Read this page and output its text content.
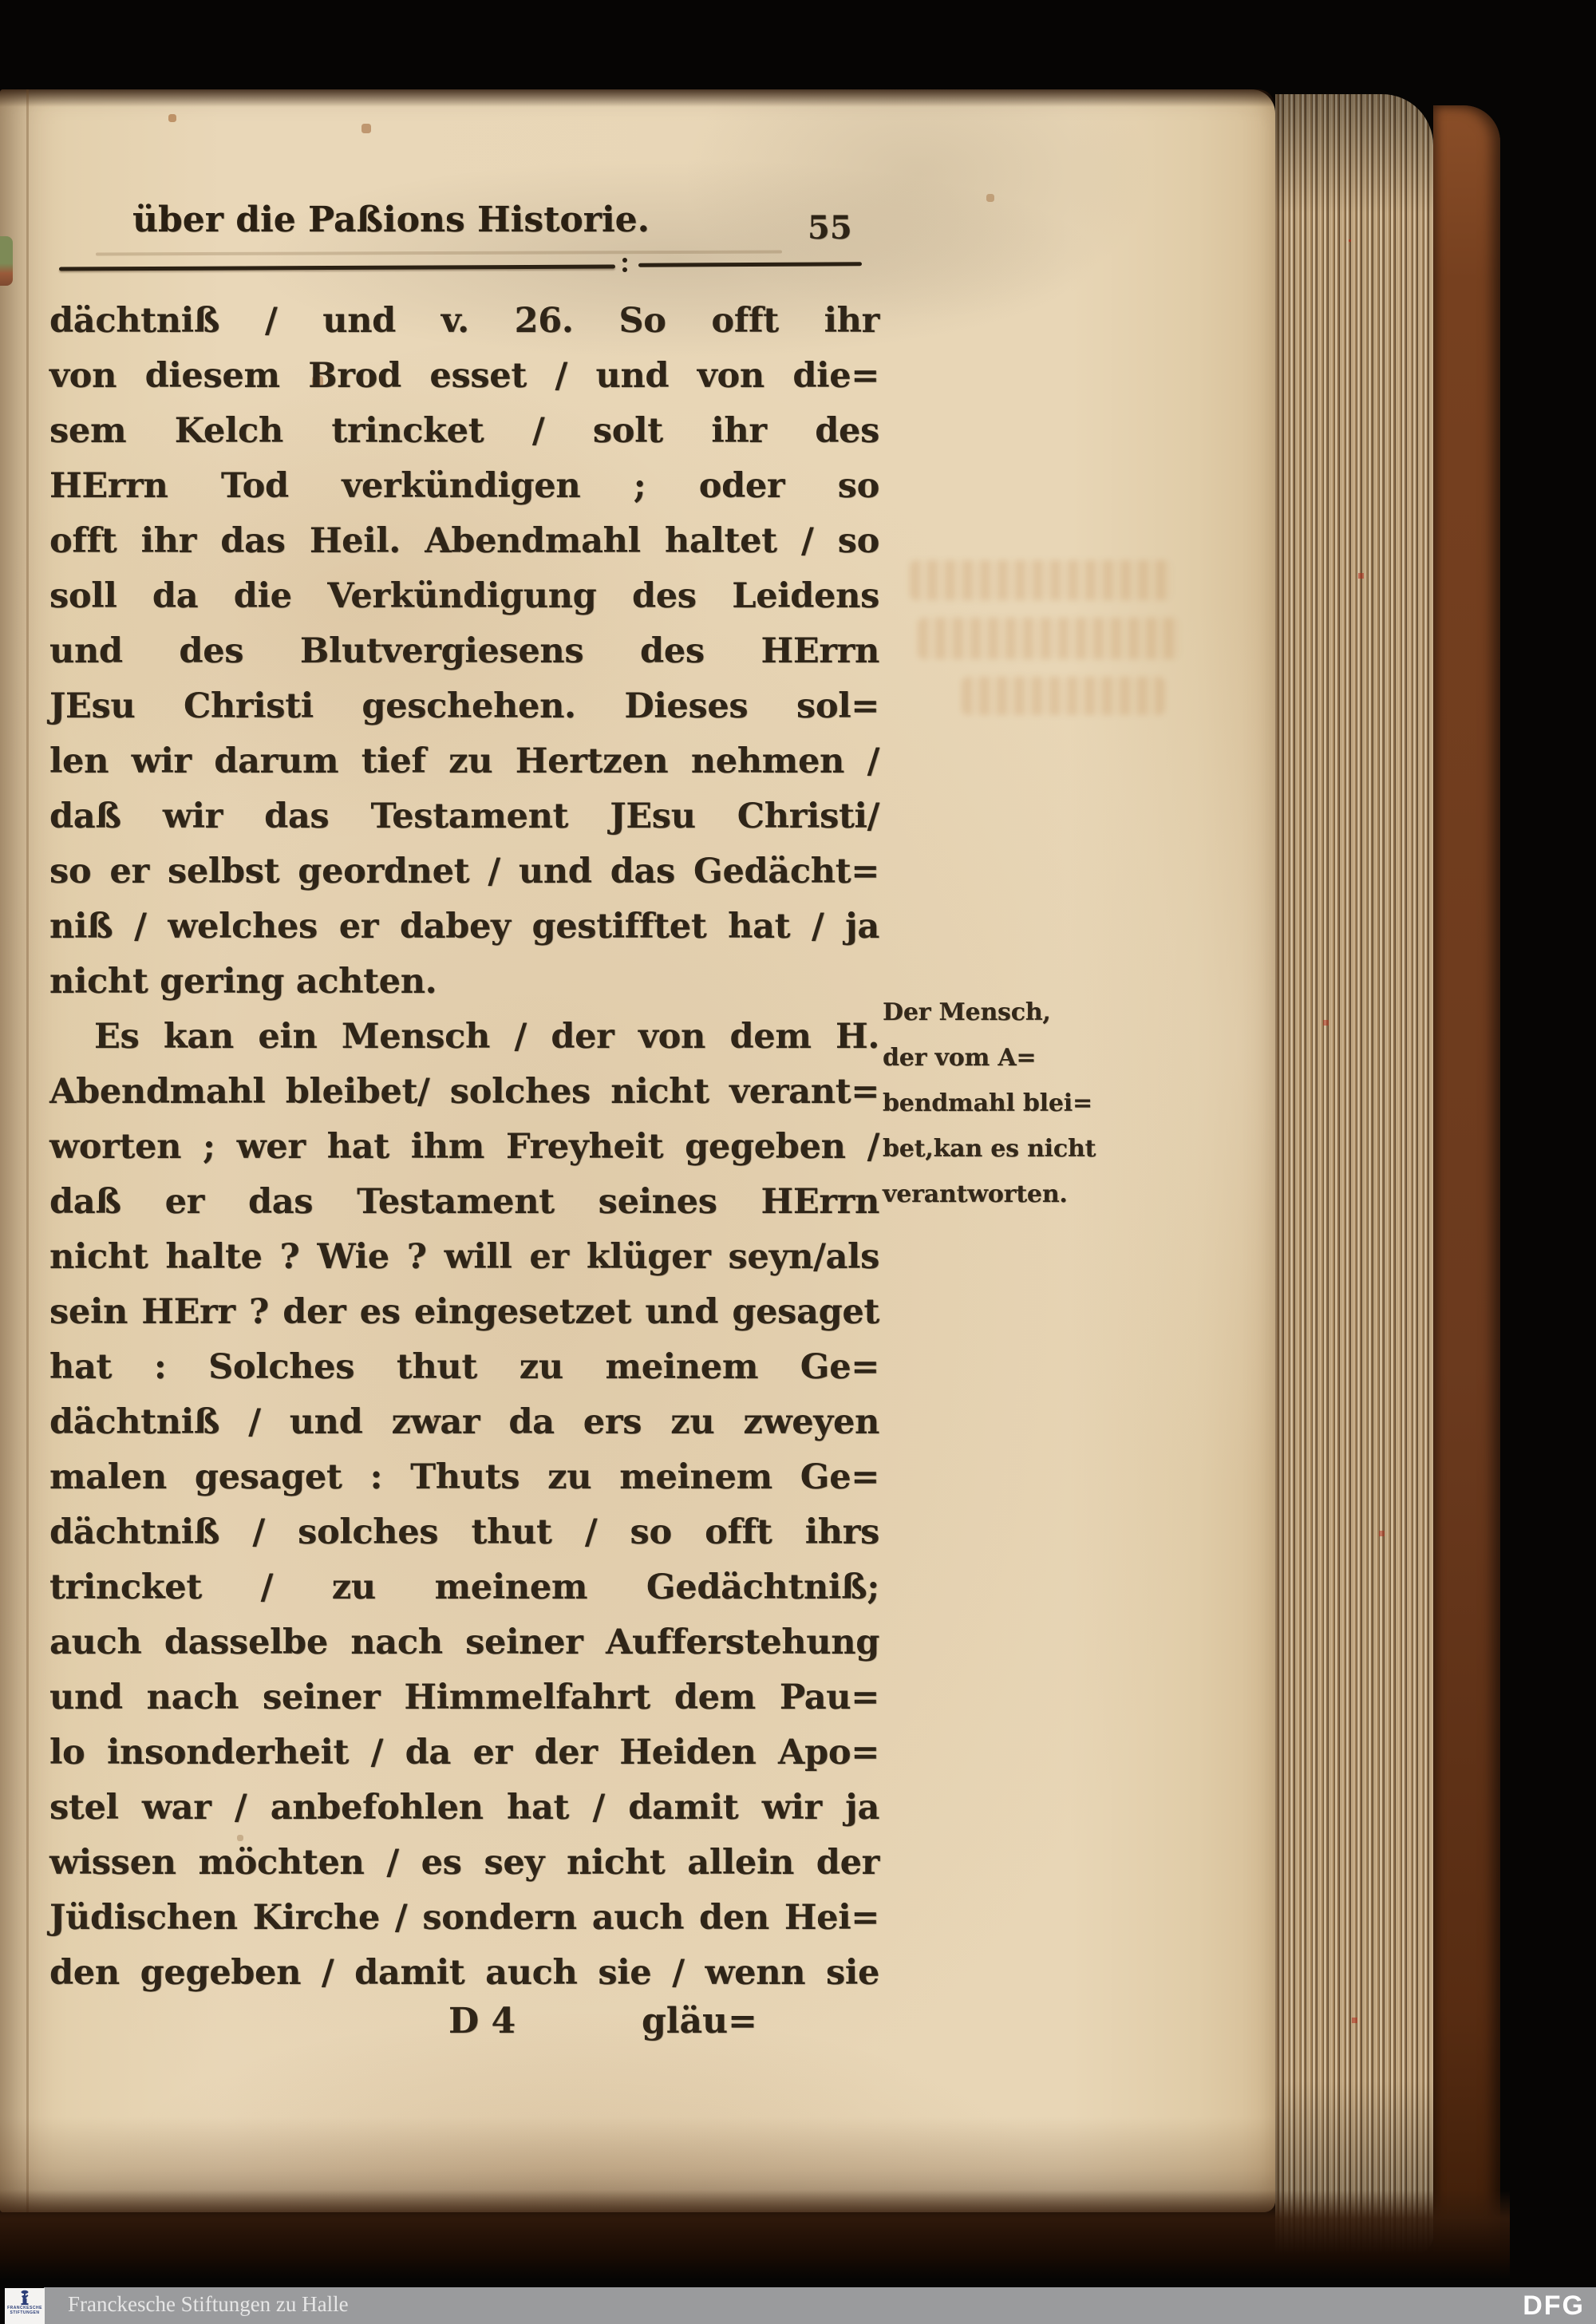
über die Paßions Historie.	55
dächtniß / und v. 26. So offt ihr
von diesem Brod esset / und von die=
sem Kelch trincket / solt ihr des
HErrn Tod verkündigen ; oder so
offt ihr das Heil. Abendmahl haltet / so
soll da die Verkündigung des Leidens
und des Blutvergiesens des HErrn
JEsu Christi geschehen. Dieses sol=
len wir darum tief zu Hertzen nehmen /
daß wir das Testament JEsu Christi/
so er selbst geordnet / und das Gedächt=
niß / welches er dabey gestifftet hat / ja
nicht gering achten.
Es kan ein Mensch / der von dem H.
Abendmahl bleibet/ solches nicht verant=
worten ; wer hat ihm Freyheit gegeben /
daß er das Testament seines HErrn
nicht halte ? Wie ? will er klüger seyn/als
sein HErr ? der es eingesetzet und gesaget
hat : Solches thut zu meinem Ge=
dächtniß / und zwar da ers zu zweyen
malen gesaget : Thuts zu meinem Ge=
dächtniß / solches thut / so offt ihrs
trincket / zu meinem Gedächtniß;
auch dasselbe nach seiner Aufferstehung
und nach seiner Himmelfahrt dem Pau=
lo insonderheit / da er der Heiden Apo=
stel war / anbefohlen hat / damit wir ja
wissen möchten / es sey nicht allein der
Jüdischen Kirche / sondern auch den Hei=
den gegeben / damit auch sie / wenn sie
D 4	gläu=
Der Mensch,
der vom A=
bendmahl blei=
bet,kan es nicht
verantworten.
FRANCKESCHE
STIFTUNGEN Franckesche Stiftungen zu Halle	DFG
